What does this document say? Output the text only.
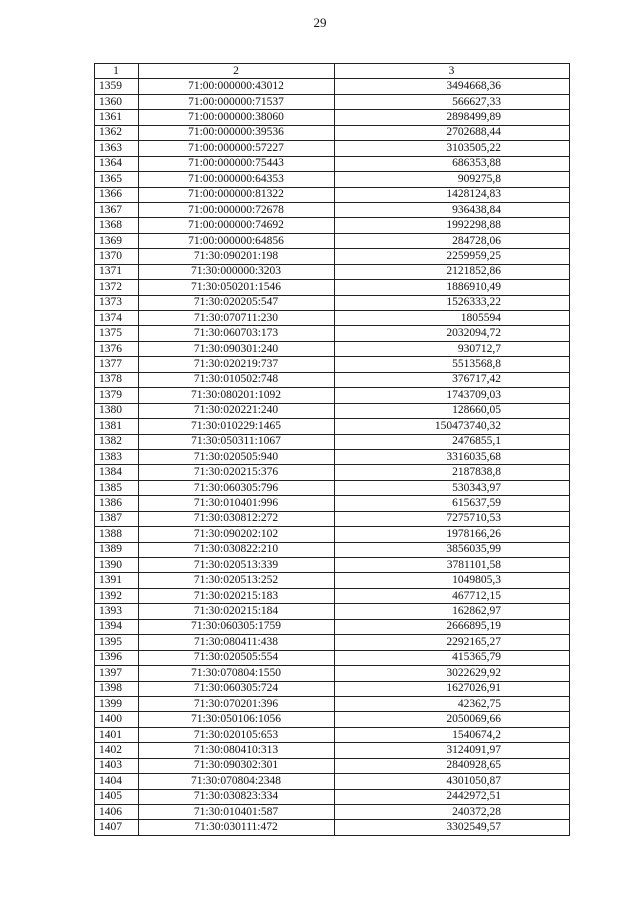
29
1	2	3
1359	71:00:000000:43012	3494668,36
1360	71:00:000000:71537	566627,33
1361	71:00:000000:38060	2898499,89
1362	71:00:000000:39536	2702688,44
1363	71:00:000000:57227	3103505,22
1364	71:00:000000:75443	686353,88
1365	71:00:000000:64353	909275,8
1366	71:00:000000:81322	1428124,83
1367	71:00:000000:72678	936438,84
1368	71:00:000000:74692	1992298,88
1369	71:00:000000:64856	284728,06
1370	71:30:090201:198	2259959,25
1371	71:30:000000:3203	2121852,86
1372	71:30:050201:1546	1886910,49
1373	71:30:020205:547	1526333,22
1374	71:30:070711:230	1805594
1375	71:30:060703:173	2032094,72
1376	71:30:090301:240	930712,7
1377	71:30:020219:737	5513568,8
1378	71:30:010502:748	376717,42
1379	71:30:080201:1092	1743709,03
1380	71:30:020221:240	128660,05
1381	71:30:010229:1465	150473740,32
1382	71:30:050311:1067	2476855,1
1383	71:30:020505:940	3316035,68
1384	71:30:020215:376	2187838,8
1385	71:30:060305:796	530343,97
1386	71:30:010401:996	615637,59
1387	71:30:030812:272	7275710,53
1388	71:30:090202:102	1978166,26
1389	71:30:030822:210	3856035,99
1390	71:30:020513:339	3781101,58
1391	71:30:020513:252	1049805,3
1392	71:30:020215:183	467712,15
1393	71:30:020215:184	162862,97
1394	71:30:060305:1759	2666895,19
1395	71:30:080411:438	2292165,27
1396	71:30:020505:554	415365,79
1397	71:30:070804:1550	3022629,92
1398	71:30:060305:724	1627026,91
1399	71:30:070201:396	42362,75
1400	71:30:050106:1056	2050069,66
1401	71:30:020105:653	1540674,2
1402	71:30:080410:313	3124091,97
1403	71:30:090302:301	2840928,65
1404	71:30:070804:2348	4301050,87
1405	71:30:030823:334	2442972,51
1406	71:30:010401:587	240372,28
1407	71:30:030111:472	3302549,57
